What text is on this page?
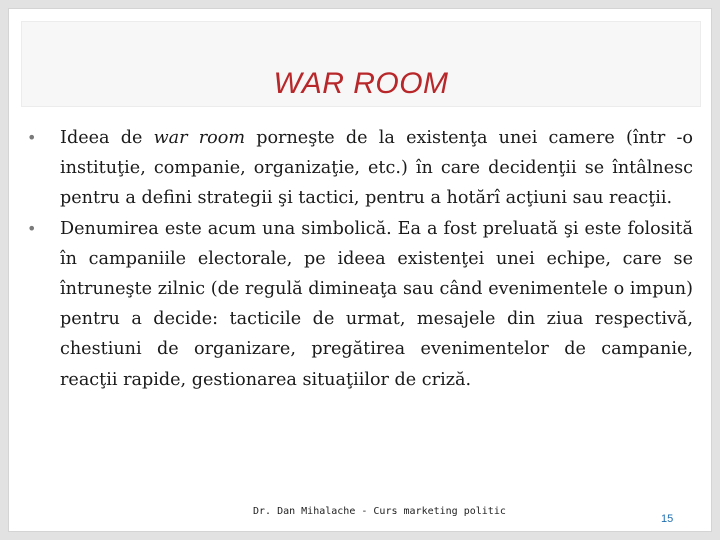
WAR ROOM
•	Ideea de war room porneşte de la existenţa unei camere (într -o instituţie, companie, organizaţie, etc.) în care decidenţii se întâlnesc pentru a defini strategii şi tactici, pentru a hotărî acţiuni sau reacţii.
•	Denumirea este acum una simbolică. Ea a fost preluată şi este folosită în campaniile electorale, pe ideea existenţei unei echipe, care se întruneşte zilnic (de regulă dimineaţa sau când evenimentele o impun) pentru a decide: tacticile de urmat, mesajele din ziua respectivă, chestiuni de organizare, pregătirea evenimentelor de campanie, reacţii rapide, gestionarea situaţiilor de criză.
Dr. Dan Mihalache - Curs marketing politic
15
